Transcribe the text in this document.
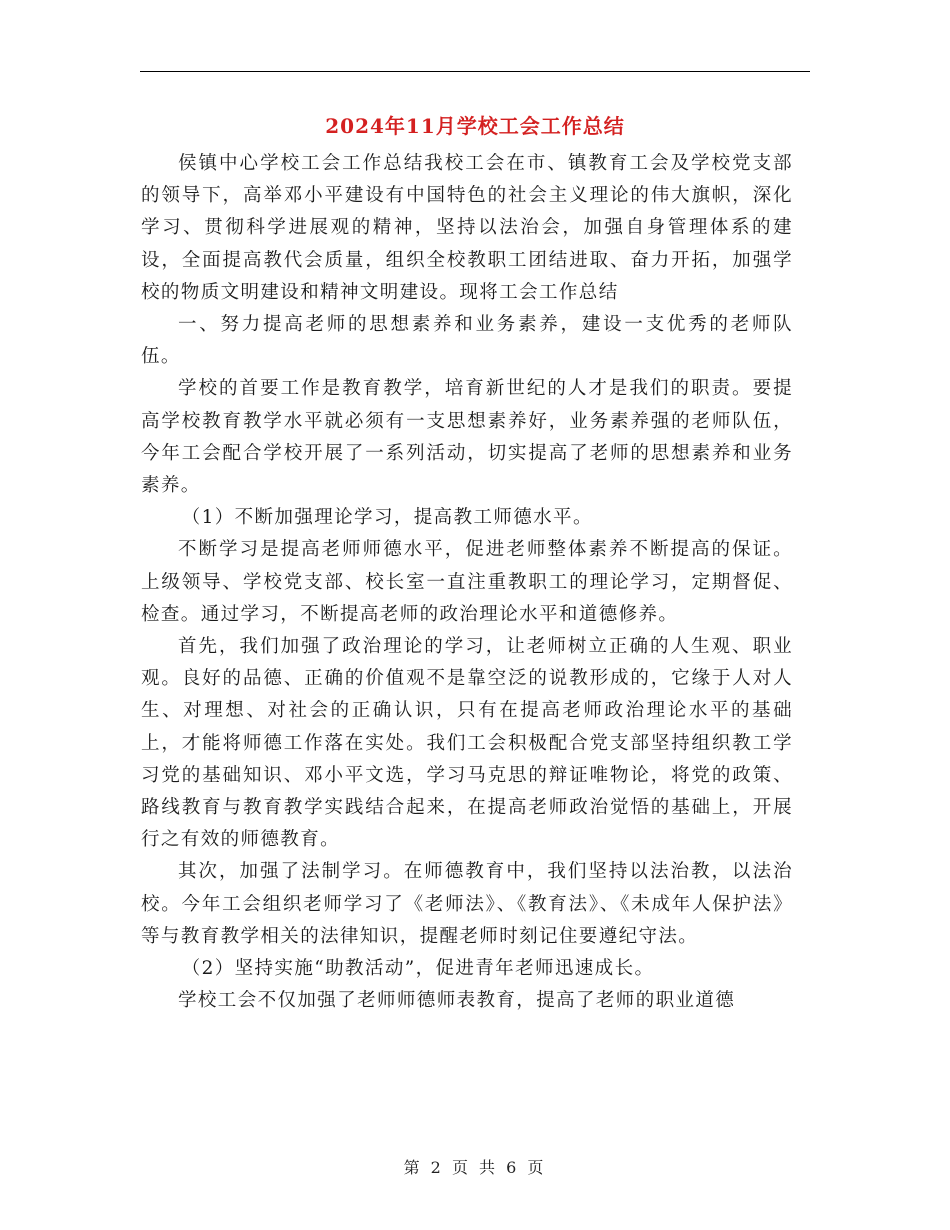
2024年11月学校工会工作总结

侯镇中心学校工会工作总结我校工会在市、镇教育工会及学校党支部的领导下，高举邓小平建设有中国特色的社会主义理论的伟大旗帜，深化学习、贯彻科学进展观的精神，坚持以法治会，加强自身管理体系的建设，全面提高教代会质量，组织全校教职工团结进取、奋力开拓，加强学校的物质文明建设和精神文明建设。现将工会工作总结

一、努力提高老师的思想素养和业务素养，建设一支优秀的老师队伍。

学校的首要工作是教育教学，培育新世纪的人才是我们的职责。要提高学校教育教学水平就必须有一支思想素养好，业务素养强的老师队伍，今年工会配合学校开展了一系列活动，切实提高了老师的思想素养和业务素养。

（1）不断加强理论学习，提高教工师德水平。

不断学习是提高老师师德水平，促进老师整体素养不断提高的保证。上级领导、学校党支部、校长室一直注重教职工的理论学习，定期督促、检查。通过学习，不断提高老师的政治理论水平和道德修养。

首先，我们加强了政治理论的学习，让老师树立正确的人生观、职业观。良好的品德、正确的价值观不是靠空泛的说教形成的，它缘于人对人生、对理想、对社会的正确认识，只有在提高老师政治理论水平的基础上，才能将师德工作落在实处。我们工会积极配合党支部坚持组织教工学习党的基础知识、邓小平文选，学习马克思的辩证唯物论，将党的政策、路线教育与教育教学实践结合起来，在提高老师政治觉悟的基础上，开展行之有效的师德教育。

其次，加强了法制学习。在师德教育中，我们坚持以法治教，以法治校。今年工会组织老师学习了《老师法》、《教育法》、《未成年人保护法》等与教育教学相关的法律知识，提醒老师时刻记住要遵纪守法。

（2）坚持实施“助教活动”，促进青年老师迅速成长。

学校工会不仅加强了老师师德师表教育，提高了老师的职业道德

第 2 页 共 6 页
